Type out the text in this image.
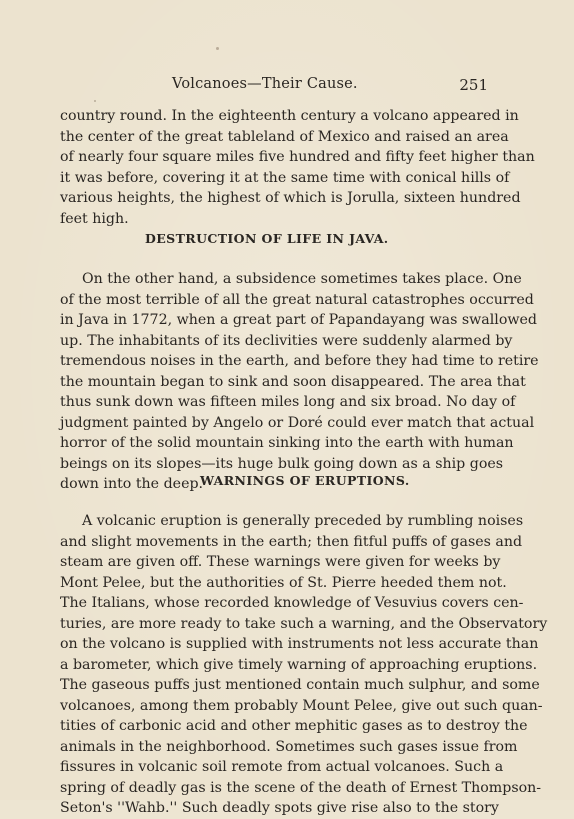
Volcanoes—Their Cause.	251
country round. In the eighteenth century a volcano appeared in
the center of the great tableland of Mexico and raised an area
of nearly four square miles five hundred and fifty feet higher than
it was before, covering it at the same time with conical hills of
various heights, the highest of which is Jorulla, sixteen hundred
feet high.
DESTRUCTION OF LIFE IN JAVA.
On the other hand, a subsidence sometimes takes place. One
of the most terrible of all the great natural catastrophes occurred
in Java in 1772, when a great part of Papandayang was swallowed
up. The inhabitants of its declivities were suddenly alarmed by
tremendous noises in the earth, and before they had time to retire
the mountain began to sink and soon disappeared. The area that
thus sunk down was fifteen miles long and six broad. No day of
judgment painted by Angelo or Doré could ever match that actual
horror of the solid mountain sinking into the earth with human
beings on its slopes—its huge bulk going down as a ship goes
down into the deep.
WARNINGS OF ERUPTIONS.
A volcanic eruption is generally preceded by rumbling noises
and slight movements in the earth; then fitful puffs of gases and
steam are given off. These warnings were given for weeks by
Mont Pelee, but the authorities of St. Pierre heeded them not.
The Italians, whose recorded knowledge of Vesuvius covers cen-
turies, are more ready to take such a warning, and the Observatory
on the volcano is supplied with instruments not less accurate than
a barometer, which give timely warning of approaching eruptions.
The gaseous puffs just mentioned contain much sulphur, and some
volcanoes, among them probably Mount Pelee, give out such quan-
tities of carbonic acid and other mephitic gases as to destroy the
animals in the neighborhood. Sometimes such gases issue from
fissures in volcanic soil remote from actual volcanoes. Such a
spring of deadly gas is the scene of the death of Ernest Thompson-
Seton's ''Wahb.'' Such deadly spots give rise also to the story
